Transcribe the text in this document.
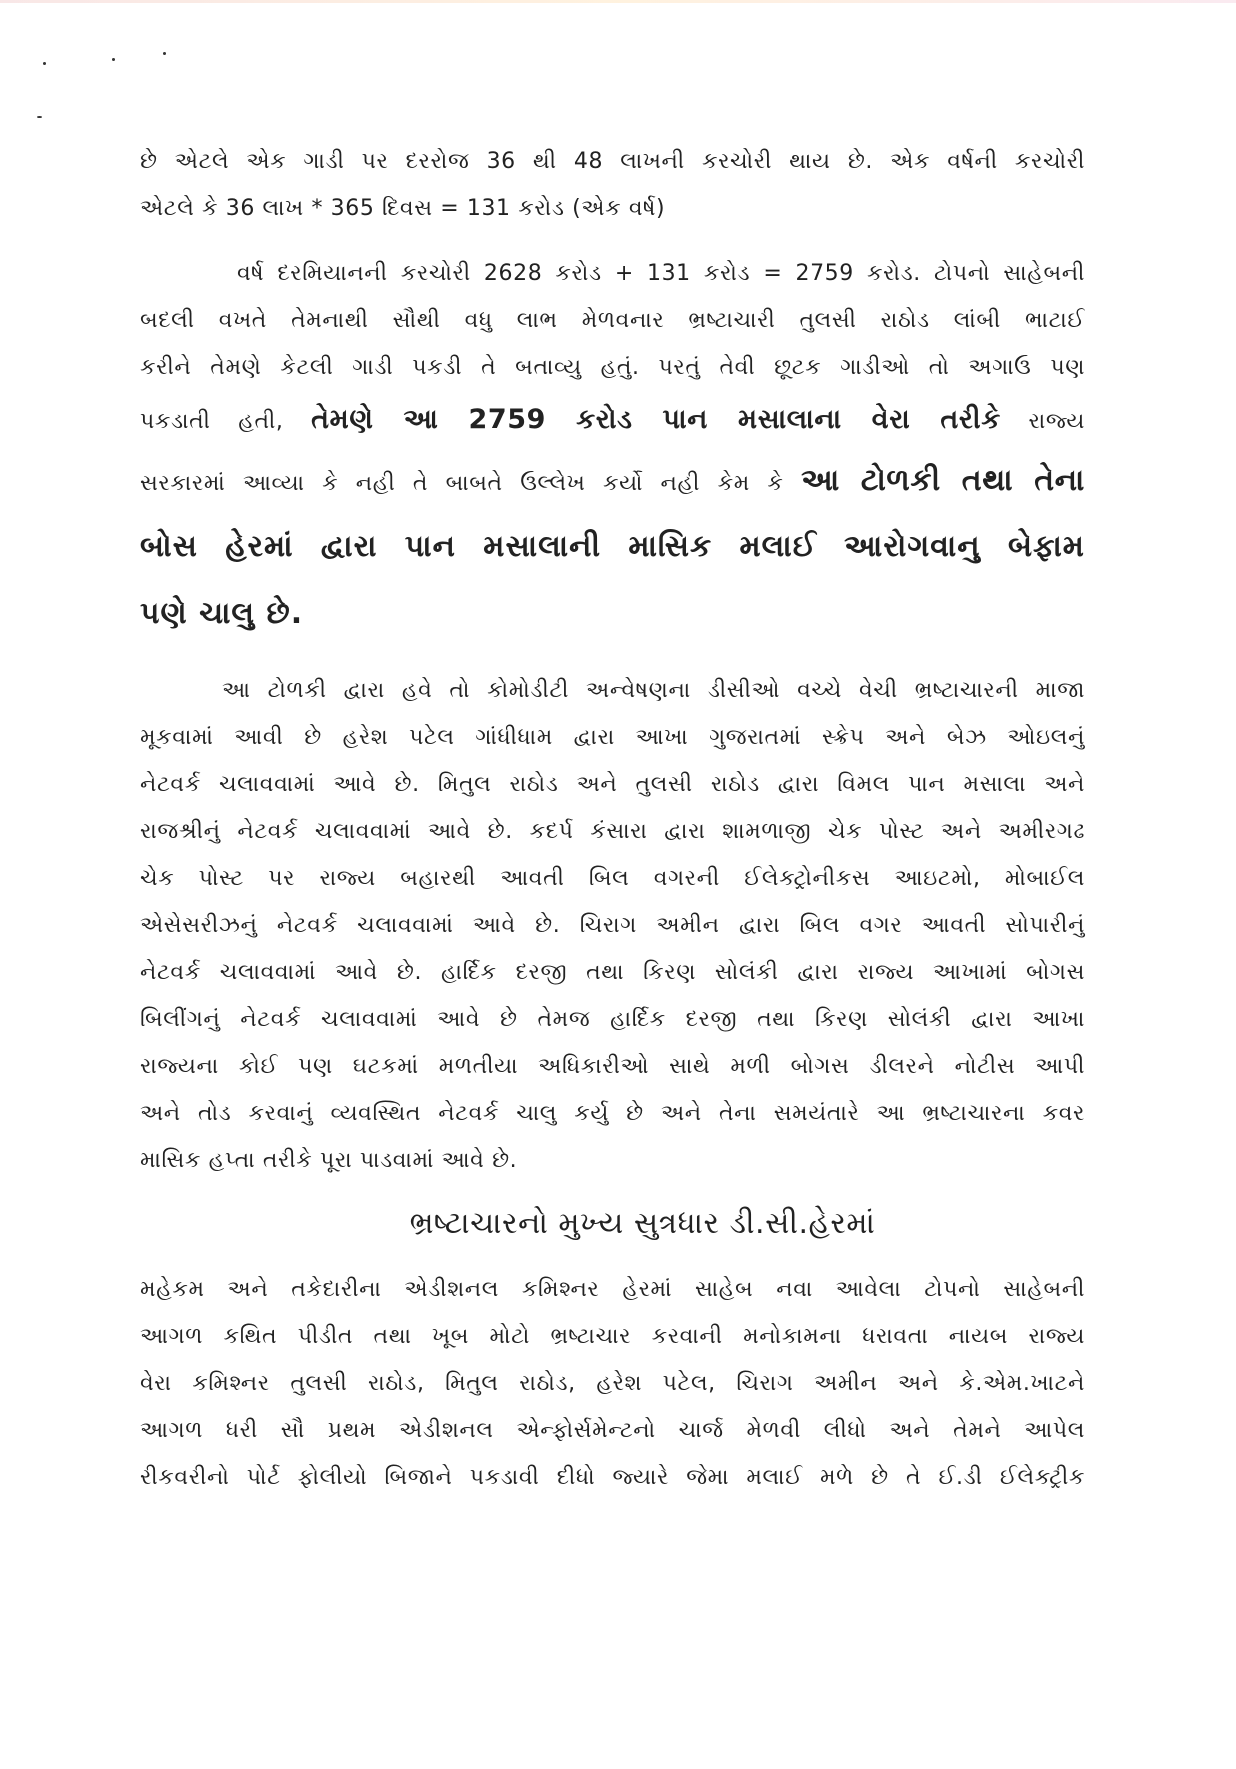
છે એટલે એક ગાડી પર દરરોજ 36 થી 48 લાખની કરચોરી થાય છે. એક વર્ષની કરચોરી
એટલે કે 36 લાખ * 365 દિવસ = 131 કરોડ (એક વર્ષ)
વર્ષ દરમિયાનની કરચોરી 2628 કરોડ + 131 કરોડ = 2759 કરોડ. ટોપનો સાહેબની
બદલી વખતે તેમનાથી સૌથી વધુ લાભ મેળવનાર ભ્રષ્ટાચારી તુલસી રાઠોડ લાંબી ભાટાઈ
કરીને તેમણે કેટલી ગાડી પકડી તે બતાવ્યુ હતું. પરતું તેવી છૂટક ગાડીઓ તો અગાઉ પણ
પકડાતી હતી, તેમણે આ 2759 કરોડ પાન મસાલાના વેરા તરીકે રાજ્ય
સરકારમાં આવ્યા કે નહી તે બાબતે ઉલ્લેખ કર્યો નહી કેમ કે આ ટોળકી તથા તેના
બોસ હેરમાં દ્વારા પાન મસાલાની માસિક મલાઈ આરોગવાનુ બેફામ
પણે ચાલુ છે.
આ ટોળકી દ્વારા હવે તો કોમોડીટી અન્વેષણના ડીસીઓ વચ્ચે વેચી ભ્રષ્ટાચારની માજા
મૂકવામાં આવી છે હરેશ પટેલ ગાંધીધામ દ્વારા આખા ગુજરાતમાં સ્ક્રેપ અને બેઝ ઓઇલનું
નેટવર્ક ચલાવવામાં આવે છે. મિતુલ રાઠોડ અને તુલસી રાઠોડ દ્વારા વિમલ પાન મસાલા અને
રાજશ્રીનું નેટવર્ક ચલાવવામાં આવે છે. કદર્પ કંસારા દ્વારા શામળાજી ચેક પોસ્ટ અને અમીરગઢ
ચેક પોસ્ટ પર રાજ્ય બહારથી આવતી બિલ વગરની ઈલેક્ટ્રોનીકસ આઇટમો, મોબાઈલ
એસેસરીઝનું નેટવર્ક ચલાવવામાં આવે છે. ચિરાગ અમીન દ્વારા બિલ વગર આવતી સોપારીનું
નેટવર્ક ચલાવવામાં આવે છે. હાર્દિક દરજી તથા કિરણ સોલંકી દ્વારા રાજ્ય આખામાં બોગસ
બિલીંગનું નેટવર્ક ચલાવવામાં આવે છે તેમજ હાર્દિક દરજી તથા કિરણ સોલંકી દ્વારા આખા
રાજ્યના કોઈ પણ ઘટકમાં મળતીયા અધિકારીઓ સાથે મળી બોગસ ડીલરને નોટીસ આપી
અને તોડ કરવાનું વ્યવસ્થિત નેટવર્ક ચાલુ કર્યુ છે અને તેના સમયંતારે આ ભ્રષ્ટાચારના કવર
માસિક હપ્તા તરીકે પૂરા પાડવામાં આવે છે.
ભ્રષ્ટાચારનો મુખ્ય સુત્રધાર ડી.સી.હેરમાં
મહેકમ અને તકેદારીના એડીશનલ કમિશ્નર હેરમાં સાહેબ નવા આવેલા ટોપનો સાહેબની
આગળ કથિત પીડીત તથા ખૂબ મોટો ભ્રષ્ટાચાર કરવાની મનોકામના ધરાવતા નાયબ રાજ્ય
વેરા કમિશ્નર તુલસી રાઠોડ, મિતુલ રાઠોડ, હરેશ પટેલ, ચિરાગ અમીન અને કે.એમ.ખાટને
આગળ ધરી સૌ પ્રથમ એડીશનલ એન્ફોર્સમેન્ટનો ચાર્જ મેળવી લીધો અને તેમને આપેલ
રીકવરીનો પોર્ટ ફોલીયો બિજાને પકડાવી દીધો જ્યારે જેમા મલાઈ મળે છે તે ઈ.ડી ઈલેક્ટ્રીક
